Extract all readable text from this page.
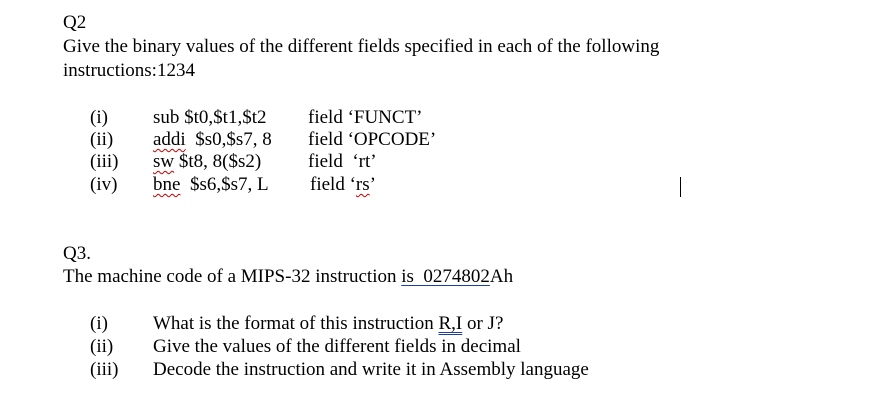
Q2
Give the binary values of the different fields specified in each of the following
instructions:1234
(i)	sub $t0,$t1,$t2 field ‘FUNCT’
(ii)	addi  $s0,$s7, 8 field ‘OPCODE’
(iii)	sw $t8, 8($s2) field  ‘rt’
(iv)	bne  $s6,$s7, L field ‘rs’
Q3.
The machine code of a MIPS-32 instruction is  0274802Ah
(i)	What is the format of this instruction R,I or J?
(ii)	Give the values of the different fields in decimal
(iii)	Decode the instruction and write it in Assembly language
